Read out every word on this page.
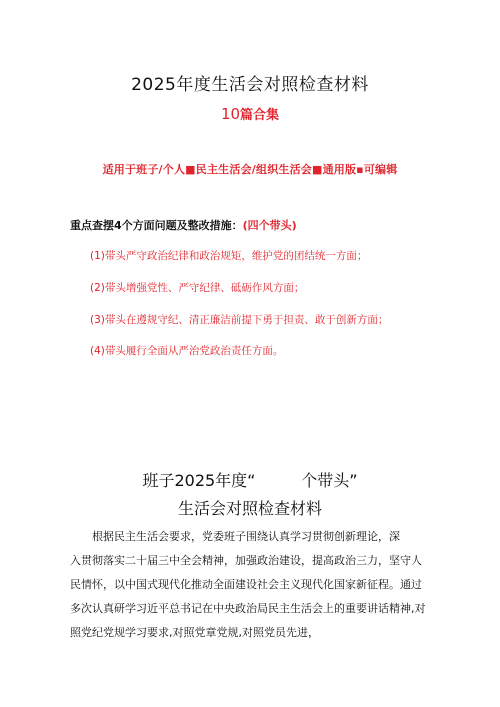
2025年度生活会对照检查材料
10篇合集
适用于班子/个人■民主生活会/组织生活会■通用版▪可编辑
重点查摆4个方面问题及整改措施：(四个带头)
(1)带头严守政治纪律和政治规矩，维护党的团结统一方面；
(2)带头增强党性、严守纪律、砥砺作风方面；
(3)带头在遵规守纪、清正廉洁前提下勇于担责、敢于创新方面；
(4)带头履行全面从严治党政治责任方面。
班子2025年度“         个带头”
生活会对照检查材料
根据民主生活会要求，党委班子围绕认真学习贯彻创新理论，深
入贯彻落实二十届三中全会精神，加强政治建设，提高政治三力，坚守人
民情怀，以中国式现代化推动全面建设社会主义现代化国家新征程。通过
多次认真研学习近平总书记在中央政治局民主生活会上的重要讲话精神,对
照党纪党规学习要求,对照党章党规,对照党员先进，
